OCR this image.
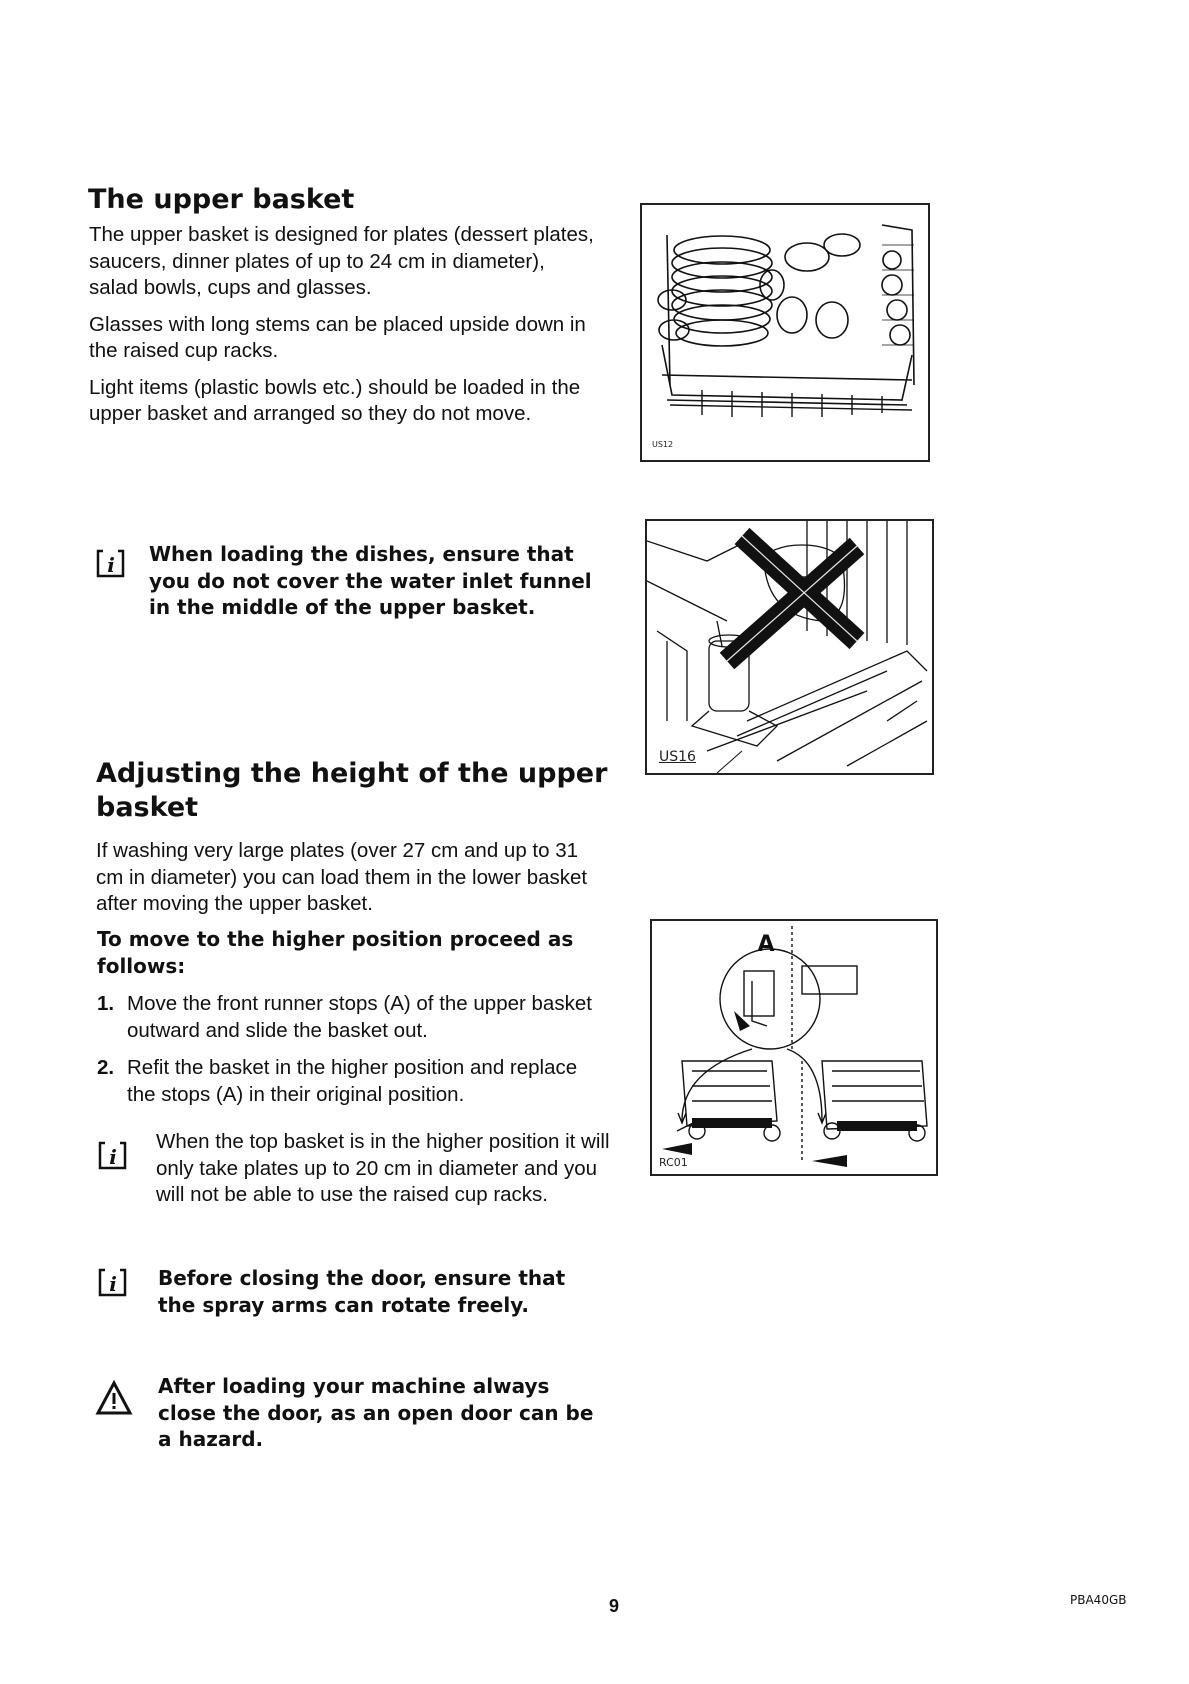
The upper basket

The upper basket is designed for plates (dessert plates, saucers, dinner plates of up to 24 cm in diameter), salad bowls, cups and glasses.

Glasses with long stems can be placed upside down in the raised cup racks.

Light items (plastic bowls etc.) should be loaded in the upper basket and arranged so they do not move.

US12
i When loading the dishes, ensure that you do not cover the water inlet funnel in the middle of the upper basket.
US16
Adjusting the height of the upper basket

If washing very large plates (over 27 cm and up to 31 cm in diameter) you can load them in the lower basket after moving the upper basket.

To move to the higher position proceed as follows:
1. Move the front runner stops (A) of the upper basket outward and slide the basket out.
2. Refit the basket in the higher position and replace the stops (A) in their original position.
A
RC01
i

When the top basket is in the higher position it will only take plates up to 20 cm in diameter and you will not be able to use the raised cup racks.

i Before closing the door, ensure that the spray arms can rotate freely.
After loading your machine always close the door, as an open door can be a hazard.
9	PBA40GB
